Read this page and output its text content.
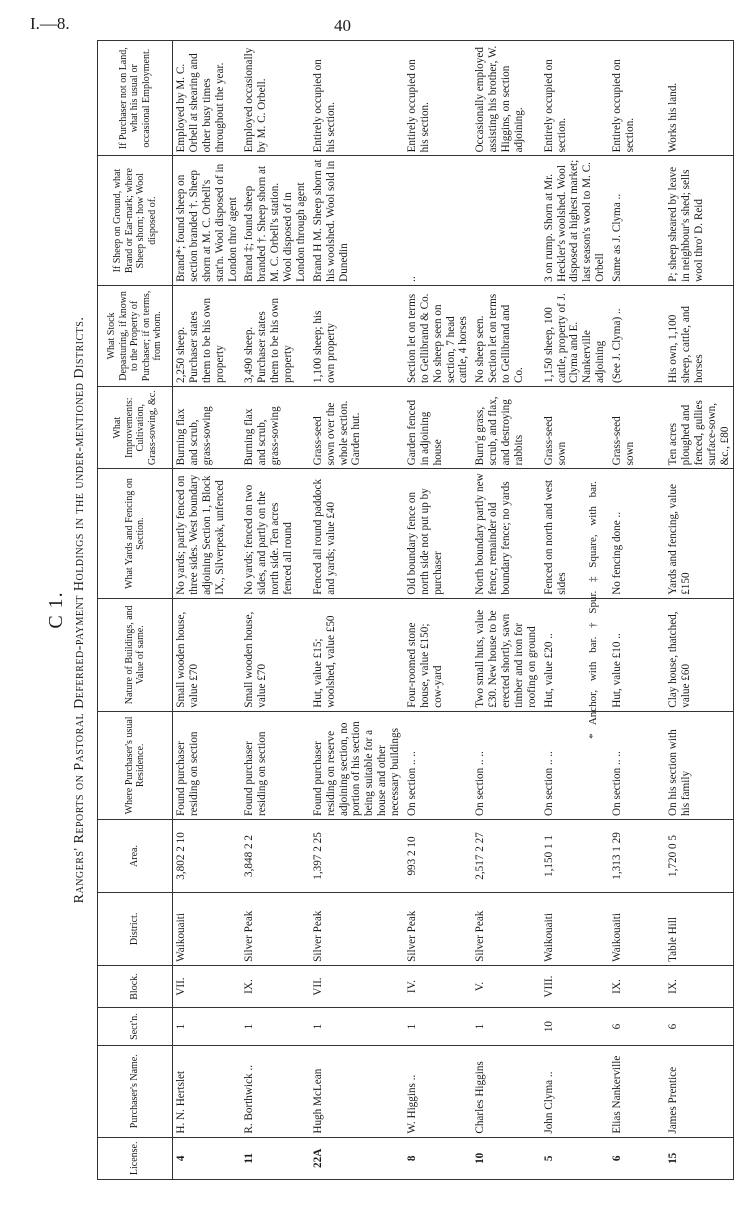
I.—8.	40
C 1. Rangers' Reports on Pastoral Deferred-payment Holdings in the under-mentioned Districts.
License.	Purchaser's Name.	Sect'n.	Block.	District.	Area.	Where Purchaser's usual Residence.	Nature of Buildings, and Value of same.	What Yards and Fencing on Section.	What Improvements: Cultivation, Grass-sowing, &c.	What Stock Depasturing, if known to the Property of Purchaser; if on terms, from whom.	If Sheep on Ground, what Brand or Ear-mark; where Sheep shorn; how Wool disposed of.	If Purchaser not on Land, what his usual or occasional Employment.
4	H. N. Hertslet	1	VII.	Waikouaiti	3,802 2 10	Found purchaser residing on section	Small wooden house, value £70	No yards; partly fenced on three sides. West boundary adjoining Section 1, Block IX., Silverpeak, unfenced	Burning flax and scrub, grass-sowing	2,250 sheep. Purchaser states them to be his own property	Brand*; found sheep on section branded †. Sheep shorn at M. C. Orbell's stat'n. Wool disposed of in London thro' agent	Employed by M. C. Orbell at shearing and other busy times throughout the year.
11	R. Borthwick ..	1	IX.	Silver Peak	3,848 2 2	Found purchaser residing on section	Small wooden house, value £70	No yards; fenced on two sides, and partly on the north side. Ten acres fenced all round	Burning flax and scrub, grass-sowing	3,490 sheep. Purchaser states them to be his own property	Brand ‡; found sheep branded †. Sheep shorn at M. C. Orbell's station. Wool disposed of in London through agent	Employed occasionally by M. C. Orbell.
22A	Hugh McLean	1	VII.	Silver Peak	1,397 2 25	Found purchaser residing on reserve adjoining section, no portion of his section being suitable for a house and other necessary buildings	Hut, value £15; woolshed, value £50	Fenced all round paddock and yards; value £40	Grass-seed sown over the whole section. Garden hut.	1,100 sheep; his own property	Brand H M. Sheep shorn at his woolshed. Wool sold in Dunedin	Entirely occupied on his section.
8	W. Higgins ..	1	IV.	Silver Peak	993 2 10	On section .. ..	Four-roomed stone house, value £150; cow-yard	Old boundary fence on north side not put up by purchaser	Garden fenced in adjoining house	Section let on terms to Gellibrand & Co. No sheep seen on section, 7 head cattle, 4 horses	..	Entirely occupied on his section.
10	Charles Higgins	1	V.	Silver Peak	2,517 2 27	On section .. ..	Two small huts, value £30. New house to be erected shortly, sawn timber and iron for roofing on ground	North boundary partly new fence, remainder old boundary fence; no yards	Burn'g grass, scrub, and flax, and destroying rabbits	No sheep seen. Section let on terms to Gellibrand and Co.		Occasionally employed assisting his brother, W. Higgins, on section adjoining.
5	John Clyma ..	10	VIII.	Waikouaiti	1,150 1 1	On section .. ..	Hut, value £20 ..	Fenced on north and west sides	Grass-seed sown	1,150 sheep, 100 cattle, property of J. Clyma and E. Nankerville adjoining	3 on rump. Shorn at Mr. Heckler's woolshed. Wool disposed at highest market; last season's wool to M. C. Orbell	Entirely occupied on section.
6	Elias Nankerville	6	IX.	Waikouaiti	1,313 1 29	On section .. ..	Hut, value £10 ..	No fencing done ..	Grass-seed sown	(See J. Clyma) ..	Same as J. Clyma ..	Entirely occupied on section.
15	James Prentice	6	IX.	Table Hill	1,720 0 5	On his section with his family	Clay house, thatched, value £60	Yards and fencing, value £150	Ten acres ploughed and fenced, gullies surface-sown, &c., £80	His own, 1,100 sheep, cattle, and horses	P; sheep sheared by leave in neighbour's shed; sells wool thro' D. Reid	Works his land.
* Anchor, with bar. † Spur. ‡ Square, with bar.
